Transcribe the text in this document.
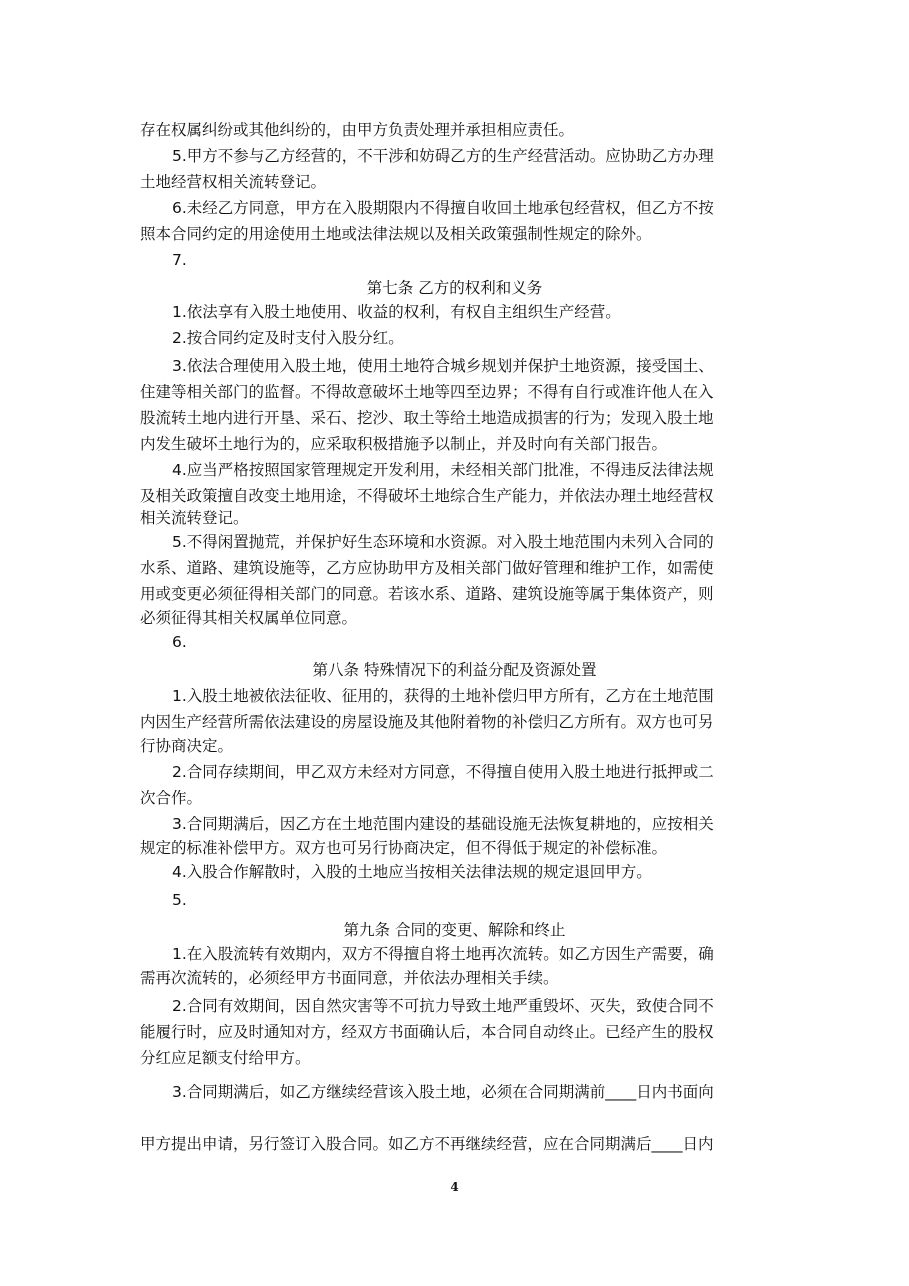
存在权属纠纷或其他纠纷的，由甲方负责处理并承担相应责任。
5.甲方不参与乙方经营的，不干涉和妨碍乙方的生产经营活动。应协助乙方办理
土地经营权相关流转登记。
6.未经乙方同意，甲方在入股期限内不得擅自收回土地承包经营权，但乙方不按
照本合同约定的用途使用土地或法律法规以及相关政策强制性规定的除外。
7.
第七条 乙方的权利和义务
1.依法享有入股土地使用、收益的权利，有权自主组织生产经营。
2.按合同约定及时支付入股分红。
3.依法合理使用入股土地，使用土地符合城乡规划并保护土地资源，接受国土、
住建等相关部门的监督。不得故意破坏土地等四至边界；不得有自行或准许他人在入
股流转土地内进行开垦、采石、挖沙、取土等给土地造成损害的行为；发现入股土地
内发生破坏土地行为的，应采取积极措施予以制止，并及时向有关部门报告。
4.应当严格按照国家管理规定开发利用，未经相关部门批准，不得违反法律法规
及相关政策擅自改变土地用途，不得破坏土地综合生产能力，并依法办理土地经营权
相关流转登记。
5.不得闲置抛荒，并保护好生态环境和水资源。对入股土地范围内未列入合同的
水系、道路、建筑设施等，乙方应协助甲方及相关部门做好管理和维护工作，如需使
用或变更必须征得相关部门的同意。若该水系、道路、建筑设施等属于集体资产，则
必须征得其相关权属单位同意。
6.
第八条 特殊情况下的利益分配及资源处置
1.入股土地被依法征收、征用的，获得的土地补偿归甲方所有，乙方在土地范围
内因生产经营所需依法建设的房屋设施及其他附着物的补偿归乙方所有。双方也可另
行协商决定。
2.合同存续期间，甲乙双方未经对方同意，不得擅自使用入股土地进行抵押或二
次合作。
3.合同期满后，因乙方在土地范围内建设的基础设施无法恢复耕地的，应按相关
规定的标准补偿甲方。双方也可另行协商决定，但不得低于规定的补偿标准。
4.入股合作解散时，入股的土地应当按相关法律法规的规定退回甲方。
5.
第九条 合同的变更、解除和终止
1.在入股流转有效期内，双方不得擅自将土地再次流转。如乙方因生产需要，确
需再次流转的，必须经甲方书面同意，并依法办理相关手续。
2.合同有效期间，因自然灾害等不可抗力导致土地严重毁坏、灭失，致使合同不
能履行时，应及时通知对方，经双方书面确认后，本合同自动终止。已经产生的股权
分红应足额支付给甲方。
3.合同期满后，如乙方继续经营该入股土地，必须在合同期满前____日内书面向
甲方提出申请，另行签订入股合同。如乙方不再继续经营，应在合同期满后____日内
4
